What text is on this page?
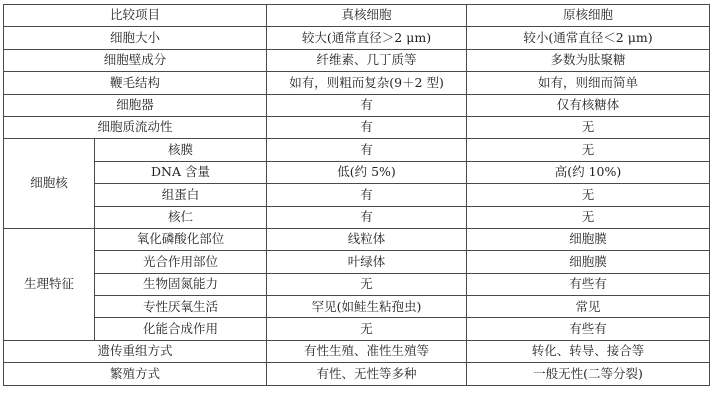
比较项目		真核细胞	原核细胞
细胞大小		较大(通常直径＞2 μm)	较小(通常直径＜2 μm)
细胞壁成分		纤维素、几丁质等	多数为肽聚糖
鞭毛结构		如有，则粗而复杂(9＋2 型)	如有，则细而简单
细胞器		有	仅有核糖体
细胞质流动性		有	无
细胞核	核膜	有	无
	DNA 含量	低(约 5%)	高(约 10%)
	组蛋白	有	无
	核仁	有	无
生理特征	氧化磷酸化部位	线粒体	细胞膜
	光合作用部位	叶绿体	细胞膜
	生物固氮能力	无	有些有
	专性厌氧生活	罕见(如鲑生粘孢虫)	常见
	化能合成作用	无	有些有
遗传重组方式		有性生殖、准性生殖等	转化、转导、接合等
繁殖方式		有性、无性等多种	一般无性(二等分裂)
